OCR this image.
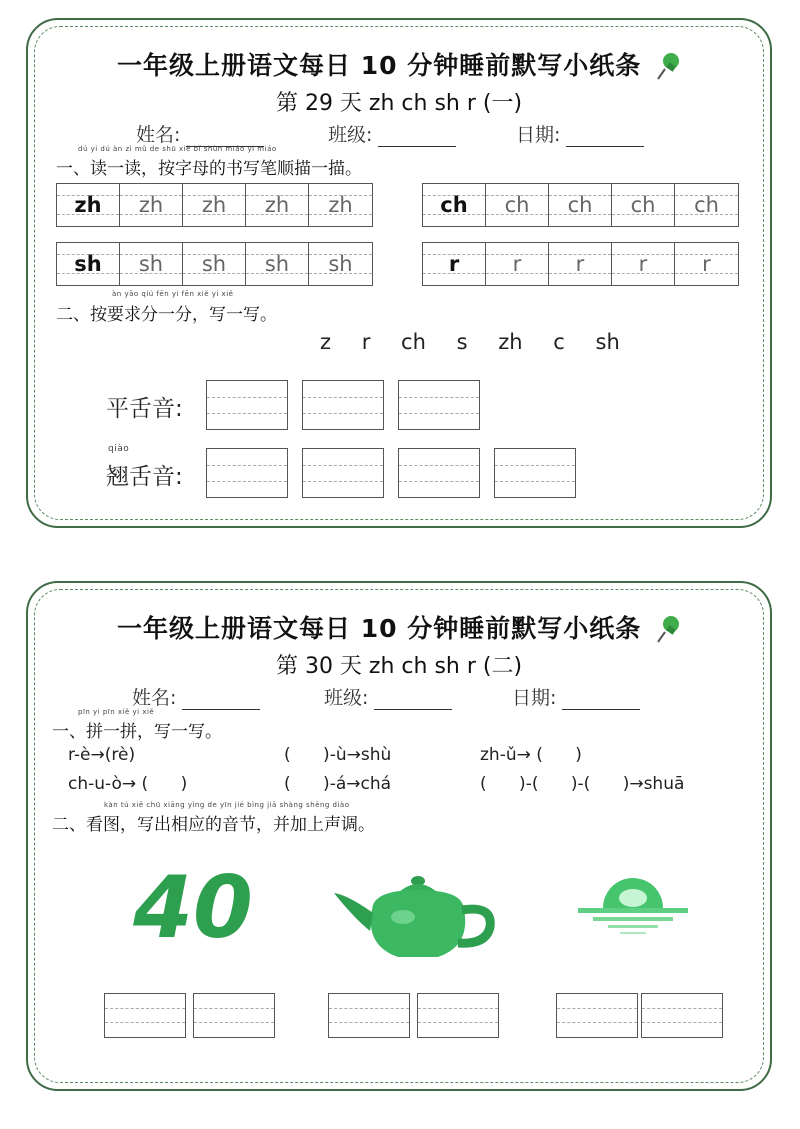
一年级上册语文每日 10 分钟睡前默写小纸条
第 29 天 zh ch sh r (一)
姓名:	班级:	日期:
dú yi dú àn zì mǔ de shū xiě bǐ shùn miáo yi miáo
一、读一读，按字母的书写笔顺描一描。
zh zh zh zh zh	ch ch ch ch ch
sh sh sh sh sh	r	r	r	r	r
àn yāo qiú fēn yi fēn xiě yi xiě
二、按要求分一分，写一写。
z r ch s zh c sh
平舌音:
qiào
翘舌音:
一年级上册语文每日 10 分钟睡前默写小纸条
第 30 天 zh ch sh r (二)
姓名:	班级:	日期:
pīn yi pīn xiě yi xiě
一、拼一拼，写一写。
r-è→(rè)	(      )-ù→shù	zh-ǔ→ (      )
ch-u-ò→ (      )	(      )-á→chá	(      )-(      )-(      )→shuā
kàn tú xiě chū xiāng yìng de yīn jié bìng jiā shàng shēng diào
二、看图，写出相应的音节，并加上声调。
40
